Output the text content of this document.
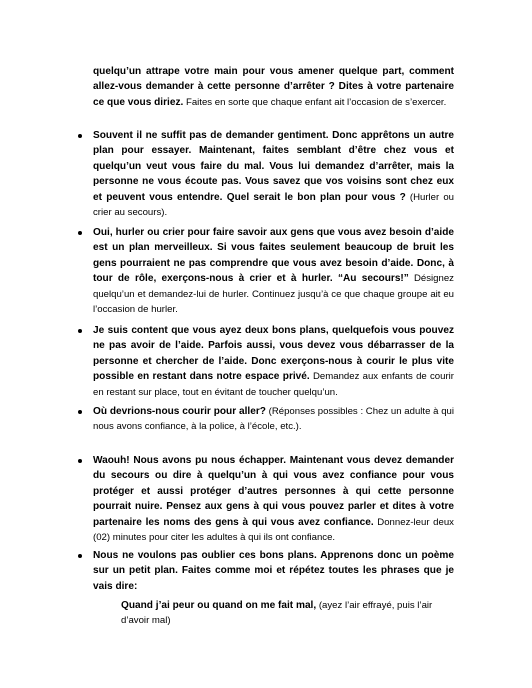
quelqu’un attrape votre main pour vous amener quelque part, comment allez-vous demander à cette personne d’arrêter ? Dites à votre partenaire ce que vous diriez. Faites en sorte que chaque enfant ait l’occasion de s’exercer.

Souvent il ne suffit pas de demander gentiment. Donc apprêtons un autre plan pour essayer. Maintenant, faites semblant d’être chez vous et quelqu’un veut vous faire du mal. Vous lui demandez d’arrêter, mais la personne ne vous écoute pas. Vous savez que vos voisins sont chez eux et peuvent vous entendre. Quel serait le bon plan pour vous ? (Hurler ou crier au secours).

Oui, hurler ou crier pour faire savoir aux gens que vous avez besoin d’aide est un plan merveilleux. Si vous faites seulement beaucoup de bruit les gens pourraient ne pas comprendre que vous avez besoin d’aide. Donc, à tour de rôle, exerçons-nous à crier et à hurler. “Au secours!” Désignez quelqu’un et demandez-lui de hurler. Continuez jusqu’à ce que chaque groupe ait eu l’occasion de hurler.

Je suis content que vous ayez deux bons plans, quelquefois vous pouvez ne pas avoir de l’aide. Parfois aussi, vous devez vous débarrasser de la personne et chercher de l’aide. Donc exerçons-nous à courir le plus vite possible en restant dans notre espace privé. Demandez aux enfants de courir en restant sur place, tout en évitant de toucher quelqu’un.

Où devrions-nous courir pour aller? (Réponses possibles : Chez un adulte à qui nous avons confiance, à la police, à l’école, etc.).

Waouh! Nous avons pu nous échapper. Maintenant vous devez demander du secours ou dire à quelqu’un à qui vous avez confiance pour vous protéger et aussi protéger d’autres personnes à qui cette personne pourrait nuire. Pensez aux gens à qui vous pouvez parler et dites à votre partenaire les noms des gens à qui vous avez confiance. Donnez-leur deux (02) minutes pour citer les adultes à qui ils ont confiance.

Nous ne voulons pas oublier ces bons plans. Apprenons donc un poème sur un petit plan. Faites comme moi et répétez toutes les phrases que je vais dire:

Quand j’ai peur ou quand on me fait mal, (ayez l’air effrayé, puis l’air d’avoir mal)
